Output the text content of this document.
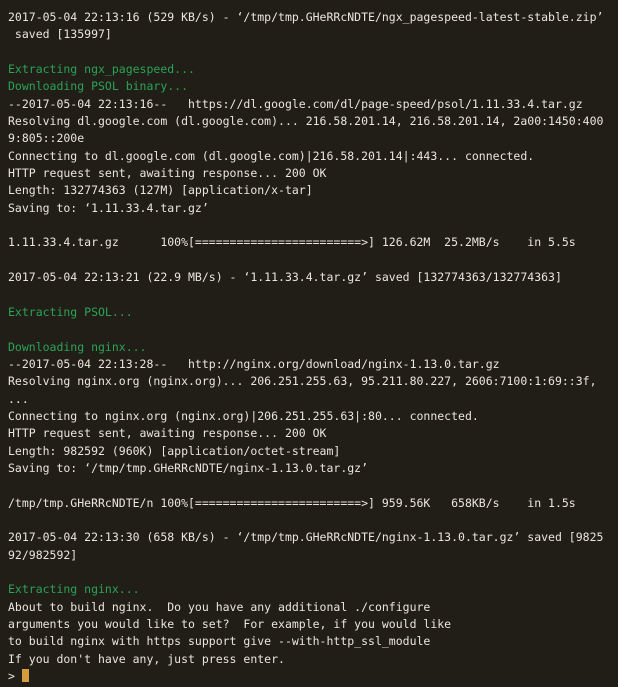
2017-05-04 22:13:16 (529 KB/s) - ‘/tmp/tmp.GHeRRcNDTE/ngx_pagespeed-latest-stable.zip’
saved [135997]
Extracting ngx_pagespeed...
Downloading PSOL binary...
--2017-05-04 22:13:16--   https://dl.google.com/dl/page-speed/psol/1.11.33.4.tar.gz
Resolving dl.google.com (dl.google.com)... 216.58.201.14, 216.58.201.14, 2a00:1450:400
9:805::200e
Connecting to dl.google.com (dl.google.com)|216.58.201.14|:443... connected.
HTTP request sent, awaiting response... 200 OK
Length: 132774363 (127M) [application/x-tar]
Saving to: ‘1.11.33.4.tar.gz’
1.11.33.4.tar.gz      100%[========================>] 126.62M  25.2MB/s    in 5.5s
2017-05-04 22:13:21 (22.9 MB/s) - ‘1.11.33.4.tar.gz’ saved [132774363/132774363]
Extracting PSOL...
Downloading nginx...
--2017-05-04 22:13:28--   http://nginx.org/download/nginx-1.13.0.tar.gz
Resolving nginx.org (nginx.org)... 206.251.255.63, 95.211.80.227, 2606:7100:1:69::3f,
...
Connecting to nginx.org (nginx.org)|206.251.255.63|:80... connected.
HTTP request sent, awaiting response... 200 OK
Length: 982592 (960K) [application/octet-stream]
Saving to: ‘/tmp/tmp.GHeRRcNDTE/nginx-1.13.0.tar.gz’
/tmp/tmp.GHeRRcNDTE/n 100%[========================>] 959.56K   658KB/s    in 1.5s
2017-05-04 22:13:30 (658 KB/s) - ‘/tmp/tmp.GHeRRcNDTE/nginx-1.13.0.tar.gz’ saved [9825
92/982592]
Extracting nginx...
About to build nginx.  Do you have any additional ./configure
arguments you would like to set?  For example, if you would like
to build nginx with https support give --with-http_ssl_module
If you don't have any, just press enter.
>
